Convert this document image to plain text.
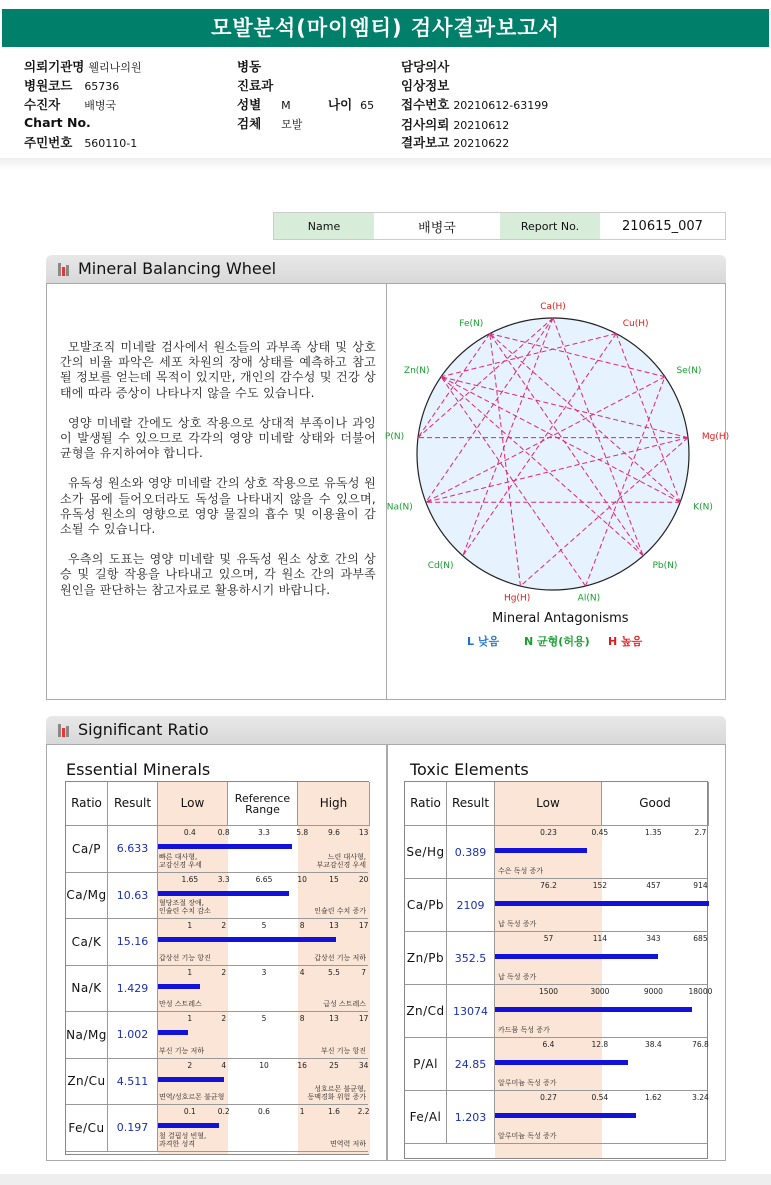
모발분석(마이엠티) 검사결과보고서
의뢰기관명 웰리나의원
병원코드 65736
수진자 배병국
Chart No.
주민번호 560110-1
병동
진료과
성별 M
검체 모발
나이 65
담당의사
임상정보
접수번호 20210612-63199
검사의뢰 20210612
결과보고 20210622
Name	배병국	Report No.	210615_007
Mineral Balancing Wheel

모발조직 미네랄 검사에서 원소들의 과부족 상태 및 상호간의 비율 파악은 세포 차원의 장애 상태를 예측하고 참고될 정보를 얻는데 목적이 있지만, 개인의 감수성 및 건강 상태에 따라 증상이 나타나지 않을 수도 있습니다.

영양 미네랄 간에도 상호 작용으로 상대적 부족이나 과잉이 발생될 수 있으므로 각각의 영양 미네랄 상태와 더불어 균형을 유지하여야 합니다.

유독성 원소와 영양 미네랄 간의 상호 작용으로 유독성 원소가 몸에 들어오더라도 독성을 나타내지 않을 수 있으며, 유독성 원소의 영향으로 영양 물질의 흡수 및 이용율이 감소될 수 있습니다.

우측의 도표는 영양 미네랄 및 유독성 원소 상호 간의 상승 및 길항 작용을 나타내고 있으며, 각 원소 간의 과부족 원인을 판단하는 참고자료로 활용하시기 바랍니다.

Ca(H)
Cu(H)
Se(N)
Mg(H)
K(N)
Pb(N)
Al(N)
Hg(H)
Cd(N)
Na(N)
P(N)
Zn(N)
Fe(N)
Mineral Antagonisms
L 낮음 N 균형(허용) H 높음
Significant Ratio
Essential Minerals	Toxic Elements
Ratio	Result	Low	Reference Range	High
Ca/P	6.633
0.4	0.8	3.3	5.8	9.6	13
빠른 대사형,
교감신경 우세
느린 대사형,
부교감신경 우세
Ca/Mg 10.63
1.65	3.3	6.65	10	15	20
혈당조절 장애,
인슐린 수치 감소	인슐린 수치 증가
Ca/K	15.16
1	2	5	8	13	17
갑상선 기능 항진	갑상선 기능 저하
Na/K	1.429
1	2	3	4	5.5	7
만성 스트레스	급성 스트레스
Na/Mg 1.002
1	2	5	8	13	17
부신 기능 저하	부신 기능 항진
Zn/Cu	4.511
2	4	10	16	25	34
면역/성호르몬 불균형
성호르몬 불균형,
동맥경화 위험 증가
Fe/Cu	0.197
0.1	0.2	0.6	1	1.6 2.2
철 결핍성 빈혈,
과격한 성격	면역력 저하
Ratio Result	Low	Good
Se/Hg 0.389
0.23	0.45	1.35	2.7
수은 독성 증가
Ca/Pb	2109
76.2	152	457	914
납 독성 증가
Zn/Pb 352.5
57	114	343	685
납 독성 증가
Zn/Cd 13074
1500	3000	9000	18000
카드뮴 독성 증가
P/Al	24.85
6.4	12.8	38.4	76.8
알루미늄 독성 증가
Fe/Al	1.203
0.27	0.54	1.62	3.24
알루미늄 독성 증가
